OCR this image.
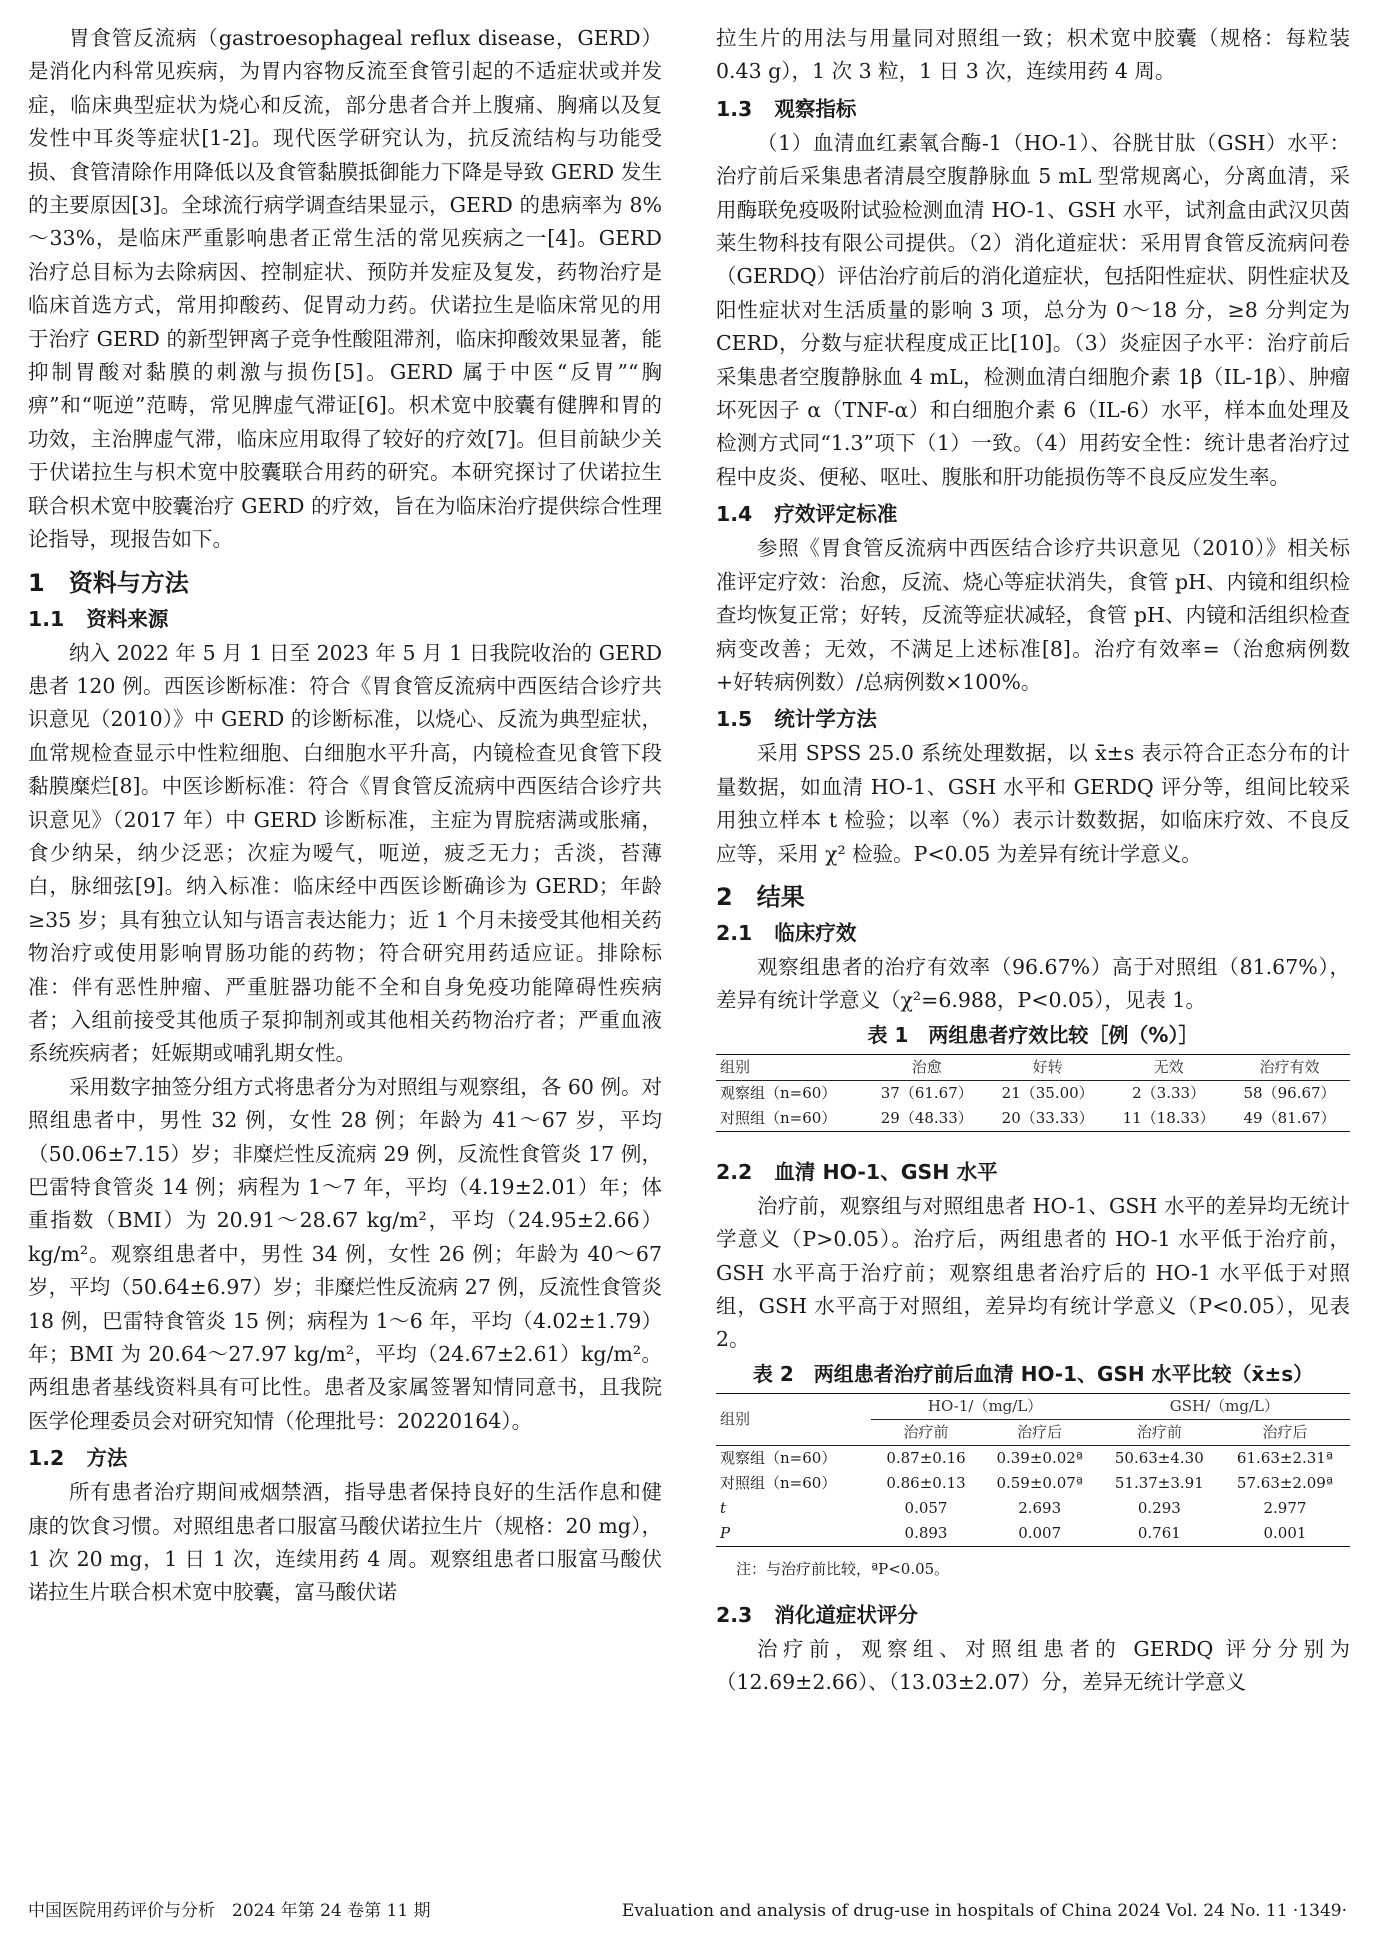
胃食管反流病（gastroesophageal reflux disease，GERD）是消化内科常见疾病，为胃内容物反流至食管引起的不适症状或并发症，临床典型症状为烧心和反流，部分患者合并上腹痛、胸痛以及复发性中耳炎等症状[1-2]。现代医学研究认为，抗反流结构与功能受损、食管清除作用降低以及食管黏膜抵御能力下降是导致 GERD 发生的主要原因[3]。全球流行病学调查结果显示，GERD 的患病率为 8%～33%，是临床严重影响患者正常生活的常见疾病之一[4]。GERD 治疗总目标为去除病因、控制症状、预防并发症及复发，药物治疗是临床首选方式，常用抑酸药、促胃动力药。伏诺拉生是临床常见的用于治疗 GERD 的新型钾离子竞争性酸阻滞剂，临床抑酸效果显著，能抑制胃酸对黏膜的刺激与损伤[5]。GERD 属于中医“反胃”“胸痹”和“呃逆”范畴，常见脾虚气滞证[6]。枳术宽中胶囊有健脾和胃的功效，主治脾虚气滞，临床应用取得了较好的疗效[7]。但目前缺少关于伏诺拉生与枳术宽中胶囊联合用药的研究。本研究探讨了伏诺拉生联合枳术宽中胶囊治疗 GERD 的疗效，旨在为临床治疗提供综合性理论指导，现报告如下。

1　资料与方法
1.1 资料来源

纳入 2022 年 5 月 1 日至 2023 年 5 月 1 日我院收治的 GERD 患者 120 例。西医诊断标准：符合《胃食管反流病中西医结合诊疗共识意见（2010）》中 GERD 的诊断标准，以烧心、反流为典型症状，血常规检查显示中性粒细胞、白细胞水平升高，内镜检查见食管下段黏膜糜烂[8]。中医诊断标准：符合《胃食管反流病中西医结合诊疗共识意见》（2017 年）中 GERD 诊断标准，主症为胃脘痞满或胀痛，食少纳呆，纳少泛恶；次症为嗳气，呃逆，疲乏无力；舌淡，苔薄白，脉细弦[9]。纳入标准：临床经中西医诊断确诊为 GERD；年龄≥35 岁；具有独立认知与语言表达能力；近 1 个月未接受其他相关药物治疗或使用影响胃肠功能的药物；符合研究用药适应证。排除标准：伴有恶性肿瘤、严重脏器功能不全和自身免疫功能障碍性疾病者；入组前接受其他质子泵抑制剂或其他相关药物治疗者；严重血液系统疾病者；妊娠期或哺乳期女性。

采用数字抽签分组方式将患者分为对照组与观察组，各 60 例。对照组患者中，男性 32 例，女性 28 例；年龄为 41～67 岁，平均（50.06±7.15）岁；非糜烂性反流病 29 例，反流性食管炎 17 例，巴雷特食管炎 14 例；病程为 1～7 年，平均（4.19±2.01）年；体重指数（BMI）为 20.91～28.67 kg/m²，平均（24.95±2.66）kg/m²。观察组患者中，男性 34 例，女性 26 例；年龄为 40～67 岁，平均（50.64±6.97）岁；非糜烂性反流病 27 例，反流性食管炎 18 例，巴雷特食管炎 15 例；病程为 1～6 年，平均（4.02±1.79）年；BMI 为 20.64～27.97 kg/m²，平均（24.67±2.61）kg/m²。两组患者基线资料具有可比性。患者及家属签署知情同意书，且我院医学伦理委员会对研究知情（伦理批号：20220164）。

1.2 方法

所有患者治疗期间戒烟禁酒，指导患者保持良好的生活作息和健康的饮食习惯。对照组患者口服富马酸伏诺拉生片（规格：20 mg），1 次 20 mg，1 日 1 次，连续用药 4 周。观察组患者口服富马酸伏诺拉生片联合枳术宽中胶囊，富马酸伏诺

拉生片的用法与用量同对照组一致；枳术宽中胶囊（规格：每粒装 0.43 g），1 次 3 粒，1 日 3 次，连续用药 4 周。

1.3 观察指标

（1）血清血红素氧合酶-1（HO-1）、谷胱甘肽（GSH）水平：治疗前后采集患者清晨空腹静脉血 5 mL 型常规离心，分离血清，采用酶联免疫吸附试验检测血清 HO-1、GSH 水平，试剂盒由武汉贝茵莱生物科技有限公司提供。（2）消化道症状：采用胃食管反流病问卷（GERDQ）评估治疗前后的消化道症状，包括阳性症状、阴性症状及阳性症状对生活质量的影响 3 项，总分为 0～18 分，≥8 分判定为 CERD，分数与症状程度成正比[10]。（3）炎症因子水平：治疗前后采集患者空腹静脉血 4 mL，检测血清白细胞介素 1β（IL-1β）、肿瘤坏死因子 α（TNF-α）和白细胞介素 6（IL-6）水平，样本血处理及检测方式同“1.3”项下（1）一致。（4）用药安全性：统计患者治疗过程中皮炎、便秘、呕吐、腹胀和肝功能损伤等不良反应发生率。

1.4 疗效评定标准

参照《胃食管反流病中西医结合诊疗共识意见（2010）》相关标准评定疗效：治愈，反流、烧心等症状消失，食管 pH、内镜和组织检查均恢复正常；好转，反流等症状减轻，食管 pH、内镜和活组织检查病变改善；无效，不满足上述标准[8]。治疗有效率=（治愈病例数+好转病例数）/总病例数×100%。

1.5 统计学方法

采用 SPSS 25.0 系统处理数据，以 x̄±s 表示符合正态分布的计量数据，如血清 HO-1、GSH 水平和 GERDQ 评分等，组间比较采用独立样本 t 检验；以率（%）表示计数数据，如临床疗效、不良反应等，采用 χ² 检验。P<0.05 为差异有统计学意义。

2　结果
2.1 临床疗效

观察组患者的治疗有效率（96.67%）高于对照组（81.67%），差异有统计学意义（χ²=6.988，P<0.05），见表 1。

表 1　两组患者疗效比较［例（%）］
组别	治愈	好转	无效	治疗有效
观察组（n=60）	37（61.67）	21（35.00）	2（3.33）	58（96.67）
对照组（n=60）	29（48.33）	20（33.33）	11（18.33）	49（81.67）
2.2 血清 HO-1、GSH 水平

治疗前，观察组与对照组患者 HO-1、GSH 水平的差异均无统计学意义（P>0.05）。治疗后，两组患者的 HO-1 水平低于治疗前，GSH 水平高于治疗前；观察组患者治疗后的 HO-1 水平低于对照组，GSH 水平高于对照组，差异均有统计学意义（P<0.05），见表 2。

表 2　两组患者治疗前后血清 HO-1、GSH 水平比较（x̄±s）
组别	HO-1/（mg/L）		GSH/（mg/L）	
	治疗前	治疗后	治疗前	治疗后
观察组（n=60）	0.87±0.16	0.39±0.02ª	50.63±4.30	61.63±2.31ª
对照组（n=60）	0.86±0.13	0.59±0.07ª	51.37±3.91	57.63±2.09ª
t	0.057	2.693	0.293	2.977
P	0.893	0.007	0.761	0.001
注：与治疗前比较，ªP<0.05。
2.3 消化道症状评分

治疗前，观察组、对照组患者的 GERDQ 评分分别为（12.69±2.66）、（13.03±2.07）分，差异无统计学意义

中国医院用药评价与分析　2024 年第 24 卷第 11 期	Evaluation and analysis of drug-use in hospitals of China 2024 Vol. 24 No. 11 ·1349·
